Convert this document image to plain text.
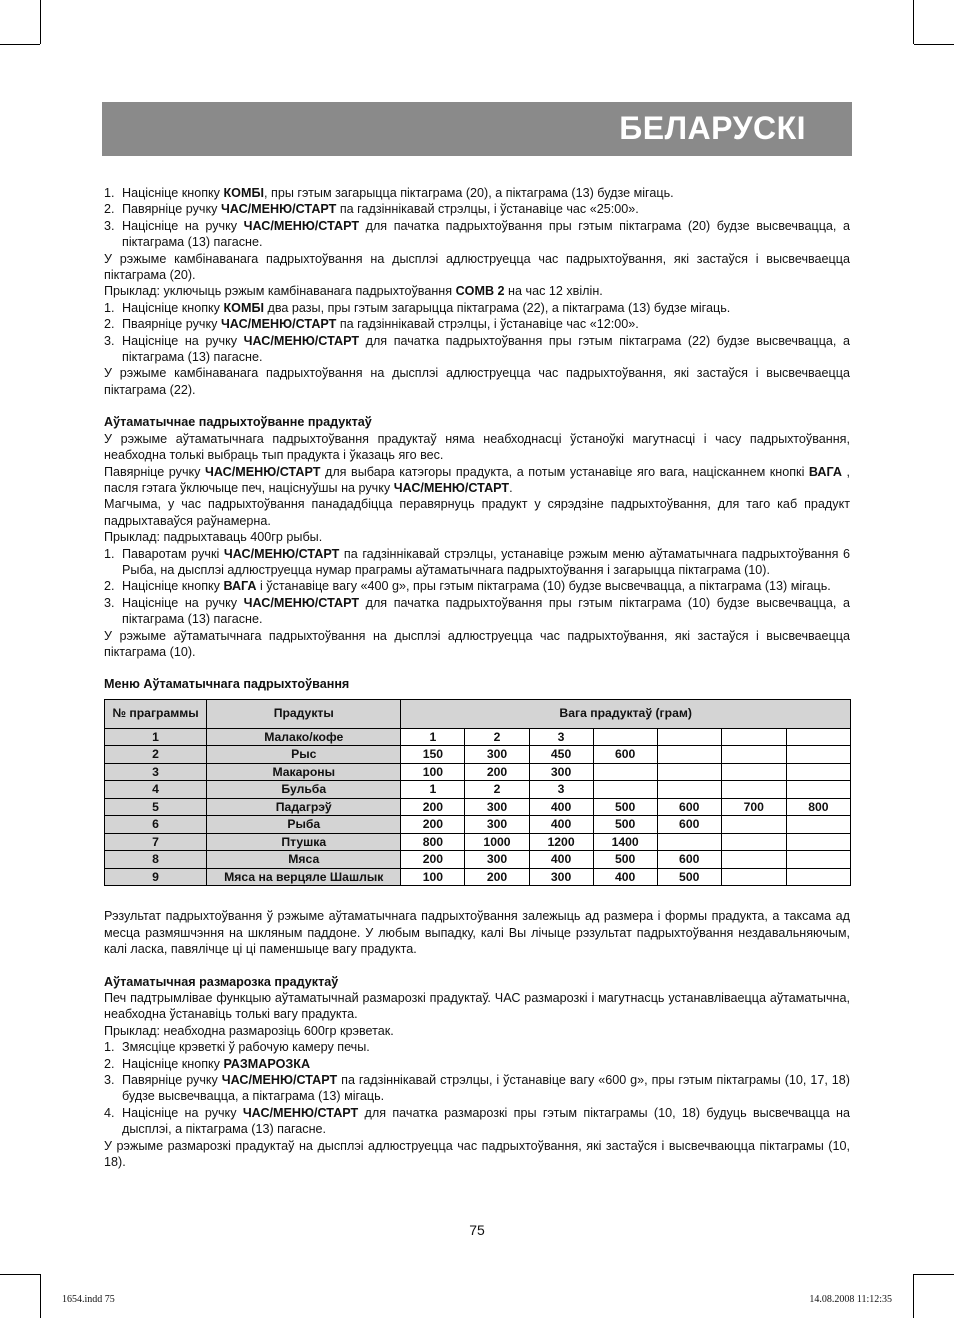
БЕЛАРУСКІ

1. Націсніце кнопку КОМБІ, пры гэтым загарыцца піктаграма (20), а піктаграма (13) будзе мігаць.

2. Павярніце ручку ЧАС/МЕНЮ/СТАРТ па гадзіннікавай стрэлцы, і ўстанавіце час «25:00».

3. Націсніце на ручку ЧАС/МЕНЮ/СТАРТ для пачатка падрыхтоўвання пры гэтым піктаграма (20) будзе высвечвацца, а піктаграма (13) пагасне.

У рэжыме камбінаванага падрыхтоўвання на дысплэі адлюструецца час падрыхтоўвання, які застаўся і высвечваецца піктаграма (20).

Прыклад: уключыць рэжым камбінаванага падрыхтоўвання COMB 2 на час 12 хвілін.

1. Націсніце кнопку КОМБІ два разы, пры гэтым загарыцца піктаграма (22), а піктаграма (13) будзе мігаць.

2. Пваярніце ручку ЧАС/МЕНЮ/СТАРТ па гадзіннікавай стрэлцы, і ўстанавіце час «12:00».

3. Націсніце на ручку ЧАС/МЕНЮ/СТАРТ для пачатка падрыхтоўвання пры гэтым піктаграма (22) будзе высвечвацца, а піктаграма (13) пагасне.

У рэжыме камбінаванага падрыхтоўвання на дысплэі адлюструецца час падрыхтоўвання, які застаўся і высвечваецца піктаграма (22).

Аўтаматычнае падрыхтоўванне прадуктаў

У рэжыме аўтаматычнага падрыхтоўвання прадуктаў няма неабходнасці ўстаноўкі магутнасці і часу падрыхтоўвання, неабходна толькі выбраць тып прадукта і ўказаць яго вес.

Павярніце ручку ЧАС/МЕНЮ/СТАРТ для выбара катэгоры прадукта, а потым устанавіце яго вага, націсканнем кнопкі ВАГА , пасля гэтага ўключыце печ, націснуўшы на ручку ЧАС/МЕНЮ/СТАРТ.

Магчыма, у час падрыхтоўвання панададбіцца перавярнуць прадукт у сярэдзіне падрыхтоўвання, для таго каб прадукт падрыхтаваўся раўнамерна.

Прыклад: падрыхтаваць 400гр рыбы.

1. Паваротам ручкі ЧАС/МЕНЮ/СТАРТ па гадзіннікавай стрэлцы, устанавіце рэжым меню аўтаматычнага падрыхтоўвання 6 Рыба, на дысплэі адлюструецца нумар праграмы аўтаматычнага падрыхтоўвання і загарыцца піктаграма (10).

2. Націсніце кнопку ВАГА і ўстанавіце вагу «400 g», пры гэтым піктаграма (10) будзе высвечвацца, а піктаграма (13) мігаць.

3. Націсніце на ручку ЧАС/МЕНЮ/СТАРТ для пачатка падрыхтоўвання пры гэтым піктаграма (10) будзе высвечвацца, а піктаграма (13) пагасне.

У рэжыме аўтаматычнага падрыхтоўвання на дысплэі адлюструецца час падрыхтоўвання, які застаўся і высвечваецца піктаграма (10).

Меню Аўтаматычнага падрыхтоўвання

№ праграммы	Прадукты	Вага прадуктаў (грам)						
1	Малако/кофе	1	2	3				
2	Рыс	150	300	450	600			
3	Макароны	100	200	300				
4	Бульба	1	2	3				
5	Падагрэў	200	300	400	500	600	700	800
6	Рыба	200	300	400	500	600		
7	Птушка	800	1000	1200	1400			
8	Мяса	200	300	400	500	600		
9	Мяса на верцяле Шашлык	100	200	300	400	500		

Рэзультат падрыхтоўвання ў рэжыме аўтаматычнага падрыхтоўвання залежыць ад размера і формы прадукта, а таксама ад месца размяшчэння на шкляным паддоне. У любым выпадку, калі Вы лічыце рэзультат падрыхтоўвання нездавальняючым, калі ласка, павялічце ці ці паменшыце вагу прадукта.

Аўтаматычная размарозка прадуктаў

Печ падтрымлівае функцыю аўтаматычнай размарозкі прадуктаў. ЧАС размарозкі і магутнасць устанавліваецца аўтаматычна, неабходна ўстанавіць толькі вагу прадукта.

Прыклад: неабходна размарозіць 600гр крэветак.

1. Змясціце крэветкі ў рабочую камеру печы.

2. Націсніце кнопку РАЗМАРОЗКА

3. Павярніце ручку ЧАС/МЕНЮ/СТАРТ па гадзіннікавай стрэлцы, і ўстанавіце вагу «600 g», пры гэтым піктаграмы (10, 17, 18) будзе высвечвацца, а піктаграма (13) мігаць.

4. Націсніце на ручку ЧАС/МЕНЮ/СТАРТ для пачатка размарозкі пры гэтым піктаграмы (10, 18) будуць высвечвацца на дысплэі, а піктаграма (13) пагасне.

У рэжыме размарозкі прадуктаў на дысплэі адлюструецца час падрыхтоўвання, які застаўся і высвечваюцца піктаграмы (10, 18).

75
1654.indd 75	14.08.2008 11:12:35
